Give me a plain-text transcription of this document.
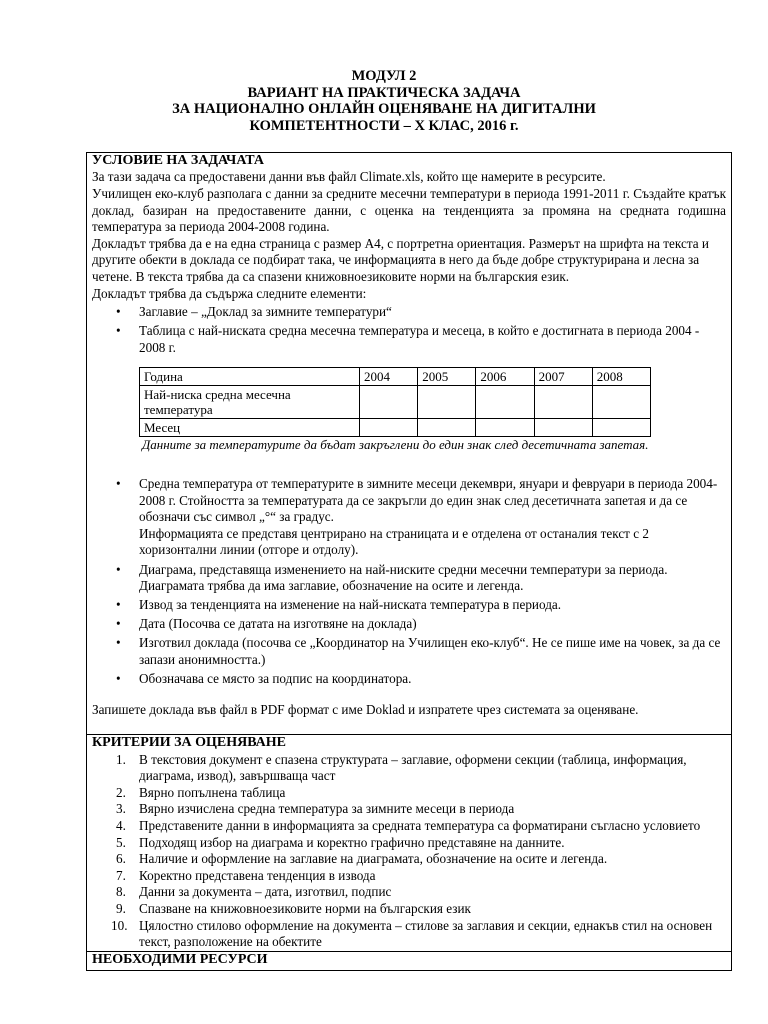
МОДУЛ 2
ВАРИАНТ НА ПРАКТИЧЕСКА ЗАДАЧА
ЗА НАЦИОНАЛНО ОНЛАЙН ОЦЕНЯВАНЕ НА ДИГИТАЛНИ
КОМПЕТЕНТНОСТИ – Х КЛАС, 2016 г.

УСЛОВИЕ НА ЗАДАЧАТА

За тази задача са предоставени данни във файл Climate.xls, който ще намерите в ресурсите.

Училищен еко-клуб разполага с данни за средните месечни температури в периода 1991-2011 г. Създайте кратък доклад, базиран на предоставените данни, с оценка на тенденцията за промяна на средната годишна температура за периода 2004-2008 година.

Докладът трябва да е на една страница с размер А4, с портретна ориентация. Размерът на шрифта на текста и другите обекти в доклада се подбират така, че информацията в него да бъде добре структурирана и лесна за четене. В текста трябва да са спазени книжовноезиковите норми на българския език.

Докладът трябва да съдържа следните елементи:

• Заглавие – „Доклад за зимните температури“
• Таблица с най-ниската средна месечна температура и месеца, в който е достигната в периода 2004 - 2008 г.
Година	2004	2005	2006	2007	2008
Най-ниска средна месечна температура					
Месец					

Данните за температурите да бъдат закръглени до един знак след десетичната запетая.

• Средна температура от температурите в зимните месеци декември, януари и февруари в периода 2004-2008 г. Стойността за температурата да се закръгли до един знак след десетичната запетая и да се обозначи със символ „°“ за градус.
Информацията се представя центрирано на страницата и е отделена от останалия текст с 2 хоризонтални линии (отгоре и отдолу).
• Диаграма, представяща изменението на най-ниските средни месечни температури за периода. Диаграмата трябва да има заглавие, обозначение на осите и легенда.
• Извод за тенденцията на изменение на най-ниската температура в периода.
• Дата (Посочва се датата на изготвяне на доклада)
• Изготвил доклада (посочва се „Координатор на Училищен еко-клуб“. Не се пише име на човек, за да се запази анонимността.)
• Обозначава се място за подпис на координатора.

Запишете доклада във файл в PDF формат с име Doklad и изпратете чрез системата за оценяване.

КРИТЕРИИ ЗА ОЦЕНЯВАНЕ

1. В текстовия документ е спазена структурата – заглавие, оформени секции (таблица, информация, диаграма, извод), завършваща част
2. Вярно попълнена таблица
3. Вярно изчислена средна температура за зимните месеци в периода
4. Представените данни в информацията за средната температура са форматирани съгласно условието
5. Подходящ избор на диаграма и коректно графично представяне на данните.
6. Наличие и оформление на заглавие на диаграмата, обозначение на осите и легенда.
7. Коректно представена тенденция в извода
8. Данни за документа – дата, изготвил, подпис
9. Спазване на книжовноезиковите норми на българския език
10. Цялостно стилово оформление на документа – стилове за заглавия и секции, еднакъв стил на основен текст, разположение на обектите

НЕОБХОДИМИ РЕСУРСИ
